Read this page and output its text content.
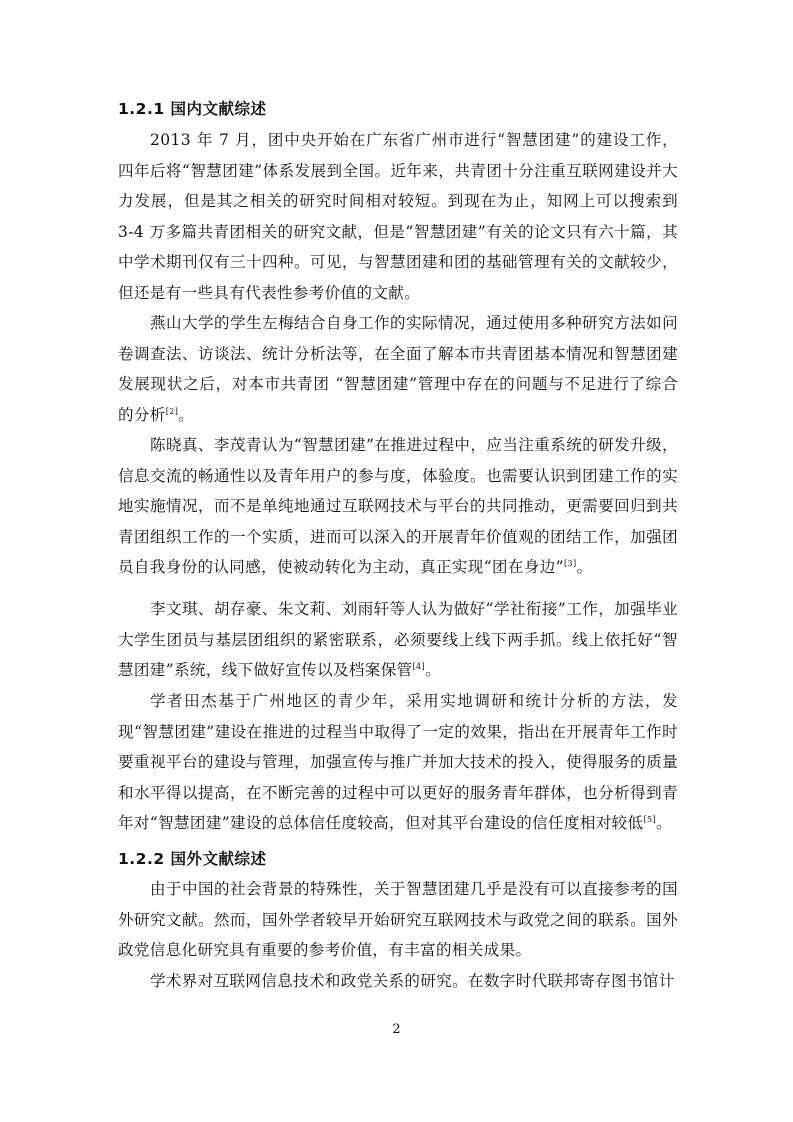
1.2.1 国内文献综述
2013 年 7 月，团中央开始在广东省广州市进行“智慧团建”的建设工作， 四年后将“智慧团建”体系发展到全国。近年来，共青团十分注重互联网建设并大力发展，但是其之相关的研究时间相对较短。到现在为止，知网上可以搜索到 3-4 万多篇共青团相关的研究文献，但是“智慧团建”有关的论文只有六十篇，其中学术期刊仅有三十四种。可见，与智慧团建和团的基础管理有关的文献较少，但还是有一些具有代表性参考价值的文献。
燕山大学的学生左梅结合自身工作的实际情况，通过使用多种研究方法如问卷调查法、访谈法、统计分析法等，在全面了解本市共青团基本情况和智慧团建发展现状之后，对本市共青团 “智慧团建”管理中存在的问题与不足进行了综合的分析[2]。
陈晓真、李茂青认为“智慧团建”在推进过程中，应当注重系统的研发升级，信息交流的畅通性以及青年用户的参与度，体验度。也需要认识到团建工作的实地实施情况，而不是单纯地通过互联网技术与平台的共同推动，更需要回归到共青团组织工作的一个实质，进而可以深入的开展青年价值观的团结工作，加强团员自我身份的认同感，使被动转化为主动，真正实现“团在身边”[3]。
李文琪、胡存豪、朱文莉、刘雨轩等人认为做好“学社衔接”工作，加强毕业大学生团员与基层团组织的紧密联系，必须要线上线下两手抓。线上依托好“智慧团建”系统，线下做好宣传以及档案保管[4]。
学者田杰基于广州地区的青少年，采用实地调研和统计分析的方法，发现“智慧团建”建设在推进的过程当中取得了一定的效果，指出在开展青年工作时要重视平台的建设与管理，加强宣传与推广并加大技术的投入，使得服务的质量和水平得以提高，在不断完善的过程中可以更好的服务青年群体，也分析得到青年对“智慧团建”建设的总体信任度较高，但对其平台建设的信任度相对较低[5]。
1.2.2 国外文献综述
由于中国的社会背景的特殊性，关于智慧团建几乎是没有可以直接参考的国外研究文献。然而，国外学者较早开始研究互联网技术与政党之间的联系。国外政党信息化研究具有重要的参考价值，有丰富的相关成果。
学术界对互联网信息技术和政党关系的研究。在数字时代联邦寄存图书馆计
2
